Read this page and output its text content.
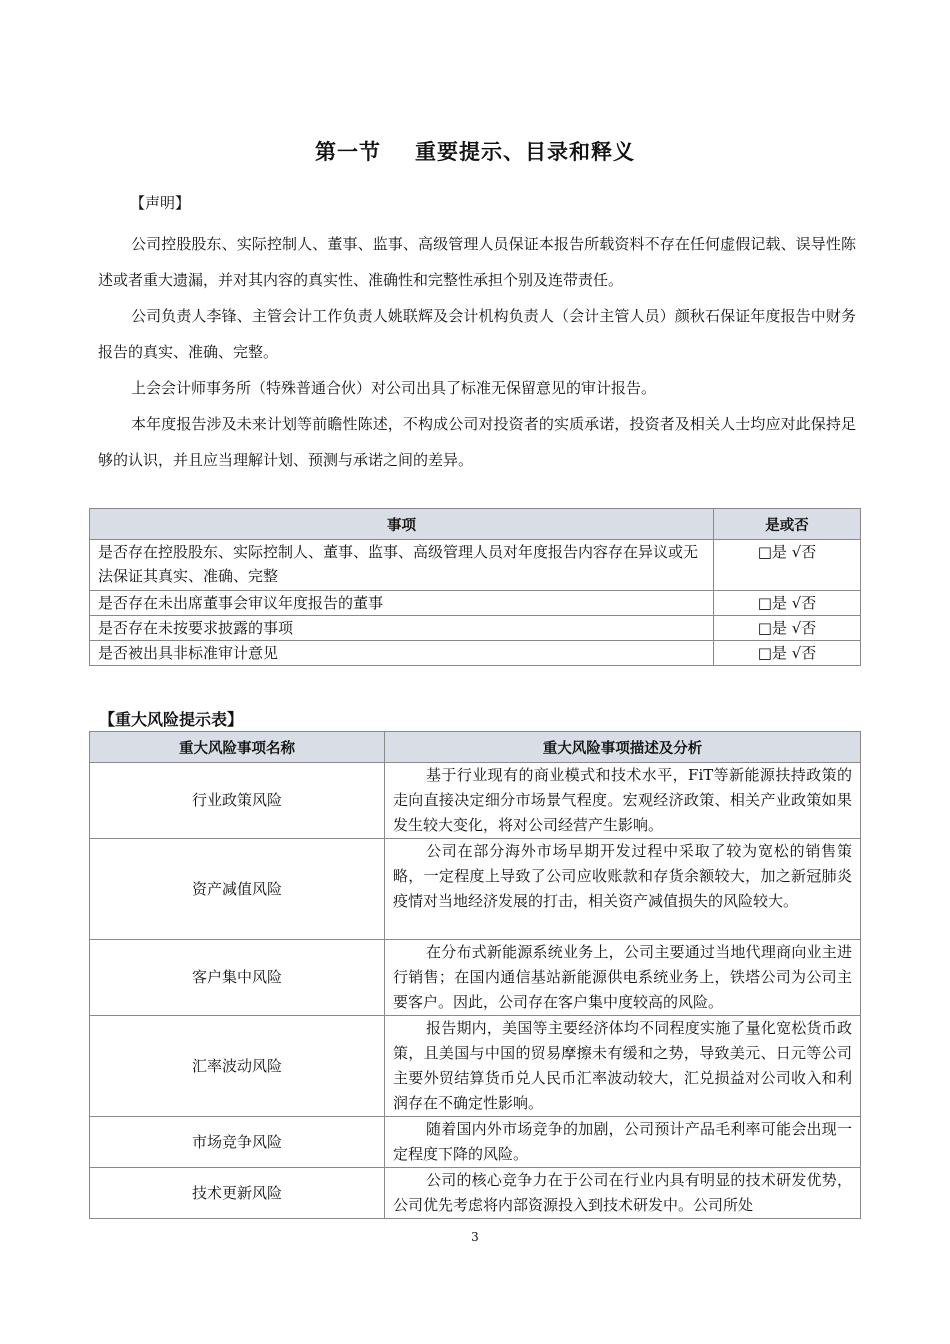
第一节 重要提示、目录和释义
【声明】

公司控股股东、实际控制人、董事、监事、高级管理人员保证本报告所载资料不存在任何虚假记载、误导性陈述或者重大遗漏，并对其内容的真实性、准确性和完整性承担个别及连带责任。

公司负责人李锋、主管会计工作负责人姚联辉及会计机构负责人（会计主管人员）颜秋石保证年度报告中财务报告的真实、准确、完整。

上会会计师事务所（特殊普通合伙）对公司出具了标准无保留意见的审计报告。

本年度报告涉及未来计划等前瞻性陈述，不构成公司对投资者的实质承诺，投资者及相关人士均应对此保持足够的认识，并且应当理解计划、预测与承诺之间的差异。

事项	是或否
是否存在控股股东、实际控制人、董事、监事、高级管理人员对年度报告内容存在异议或无法保证其真实、准确、完整	□是 √否
是否存在未出席董事会审议年度报告的董事	□是 √否
是否存在未按要求披露的事项	□是 √否
是否被出具非标准审计意见	□是 √否
【重大风险提示表】
重大风险事项名称	重大风险事项描述及分析
行业政策风险	基于行业现有的商业模式和技术水平，FiT等新能源扶持政策的走向直接决定细分市场景气程度。宏观经济政策、相关产业政策如果发生较大变化，将对公司经营产生影响。
资产减值风险	公司在部分海外市场早期开发过程中采取了较为宽松的销售策略，一定程度上导致了公司应收账款和存货余额较大，加之新冠肺炎疫情对当地经济发展的打击，相关资产减值损失的风险较大。
客户集中风险	在分布式新能源系统业务上，公司主要通过当地代理商向业主进行销售；在国内通信基站新能源供电系统业务上，铁塔公司为公司主要客户。因此，公司存在客户集中度较高的风险。
汇率波动风险	报告期内，美国等主要经济体均不同程度实施了量化宽松货币政策，且美国与中国的贸易摩擦未有缓和之势，导致美元、日元等公司主要外贸结算货币兑人民币汇率波动较大，汇兑损益对公司收入和利润存在不确定性影响。
市场竞争风险	随着国内外市场竞争的加剧，公司预计产品毛利率可能会出现一定程度下降的风险。
技术更新风险	公司的核心竞争力在于公司在行业内具有明显的技术研发优势，公司优先考虑将内部资源投入到技术研发中。公司所处
3
